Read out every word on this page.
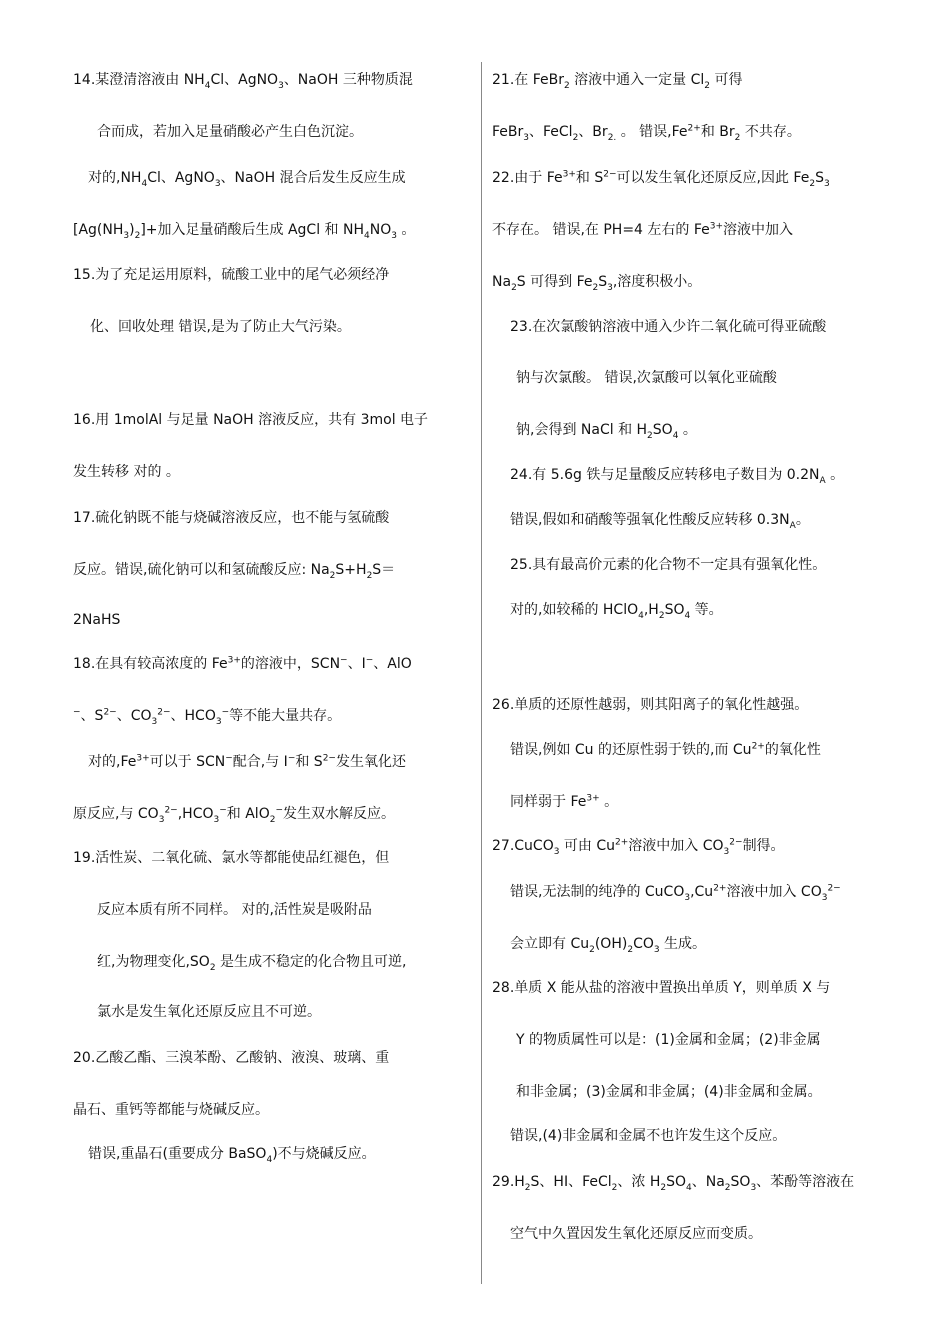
14.某澄清溶液由 $NH_4Cl$、AgNO$_3$、NaOH 三种物质混
合而成，若加入足量硝酸必产生白色沉淀。
对的$,NH_4Cl$、AgNO$_3$、NaOH 混合后发生反应生成
$[Ag(NH_3)_2]+$加入足量硝酸后生成 AgCl 和 $NH_4NO_3$ 。
15.为了充足运用原料，硫酸工业中的尾气必须经净
化、回收处理 错误,是为了防止大气污染。
16.用 1molAl 与足量 NaOH 溶液反应，共有 3mol 电子
发生转移 对的 。
17.硫化钠既不能与烧碱溶液反应，也不能与氢硫酸
反应。错误,硫化钠可以和氢硫酸反应: $Na_2S+H_2S=$
2NaHS
18.在具有较高浓度的 $Fe^{3+}$的溶液中，SCN−、I−、AlO
−、$S^{2-}$、$CO_3^{2-}$、$HCO_3^-$等不能大量共存。
对的$,Fe^{3+}$可以于 SCN−配合,与 I−和 $S^{2-}$发生氧化还
原反应,与 $CO_3^{2-},HCO_3^-$和 AlO$_2$−发生双水解反应。
19.活性炭、二氧化硫、氯水等都能使品红褪色，但
反应本质有所不同样。 对的,活性炭是吸附品
红,为物理变化$,SO_2$ 是生成不稳定的化合物且可逆,
氯水是发生氧化还原反应且不可逆。
20.乙酸乙酯、三溴苯酚、乙酸钠、液溴、玻璃、重
晶石、重钙等都能与烧碱反应。
错误,重晶石(重要成分 BaSO$_4$)不与烧碱反应。
21.在 FeBr$_2$ 溶液中通入一定量 $Cl_2$ 可得
FeBr$_3$、FeCl$_2$、$Br_{2.}$ 。 错误$,Fe^{2+}$和 $Br_2$ 不共存。
22.由于 $Fe^{3+}$和 $S^{2-}$可以发生氧化还原反应,因此 $Fe_2S_3$
不存在。 错误,在 PH=4 左右的 $Fe^{3+}$溶液中加入
$Na_2S$ 可得到 $Fe_2S_3$,溶度积极小。
23.在次氯酸钠溶液中通入少许二氧化硫可得亚硫酸
钠与次氯酸。 错误,次氯酸可以氧化亚硫酸
钠,会得到 NaCl 和 $H_2SO_4$ 。
24.有 5.6g 铁与足量酸反应转移电子数目为 $0.2N_A$ 。
错误,假如和硝酸等强氧化性酸反应转移 $0.3N_A$。
25.具有最高价元素的化合物不一定具有强氧化性。
对的,如较稀的 $HClO_4,H_2SO_4$ 等。
26.单质的还原性越弱，则其阳离子的氧化性越强。
错误,例如 Cu 的还原性弱于铁的,而 $Cu^{2+}$的氧化性
同样弱于 $Fe^{3+}$ 。
27.CuCO$_3$ 可由 $Cu^{2+}$溶液中加入 $CO_3^{2-}$制得。
错误,无法制的纯净的 $CuCO_3,Cu^{2+}$溶液中加入 $CO_3^{2-}$
会立即有 $Cu_2(OH)_2CO_3$ 生成。
28.单质 X 能从盐的溶液中置换出单质 Y，则单质 X 与
Y 的物质属性可以是：(1)金属和金属；(2)非金属
和非金属；(3)金属和非金属；(4)非金属和金属。
错误,(4)非金属和金属不也许发生这个反应。
$29.H_2S$、HI、FeCl$_2$、浓 $H_2SO_4$、$Na_2SO_3$、苯酚等溶液在
空气中久置因发生氧化还原反应而变质。
